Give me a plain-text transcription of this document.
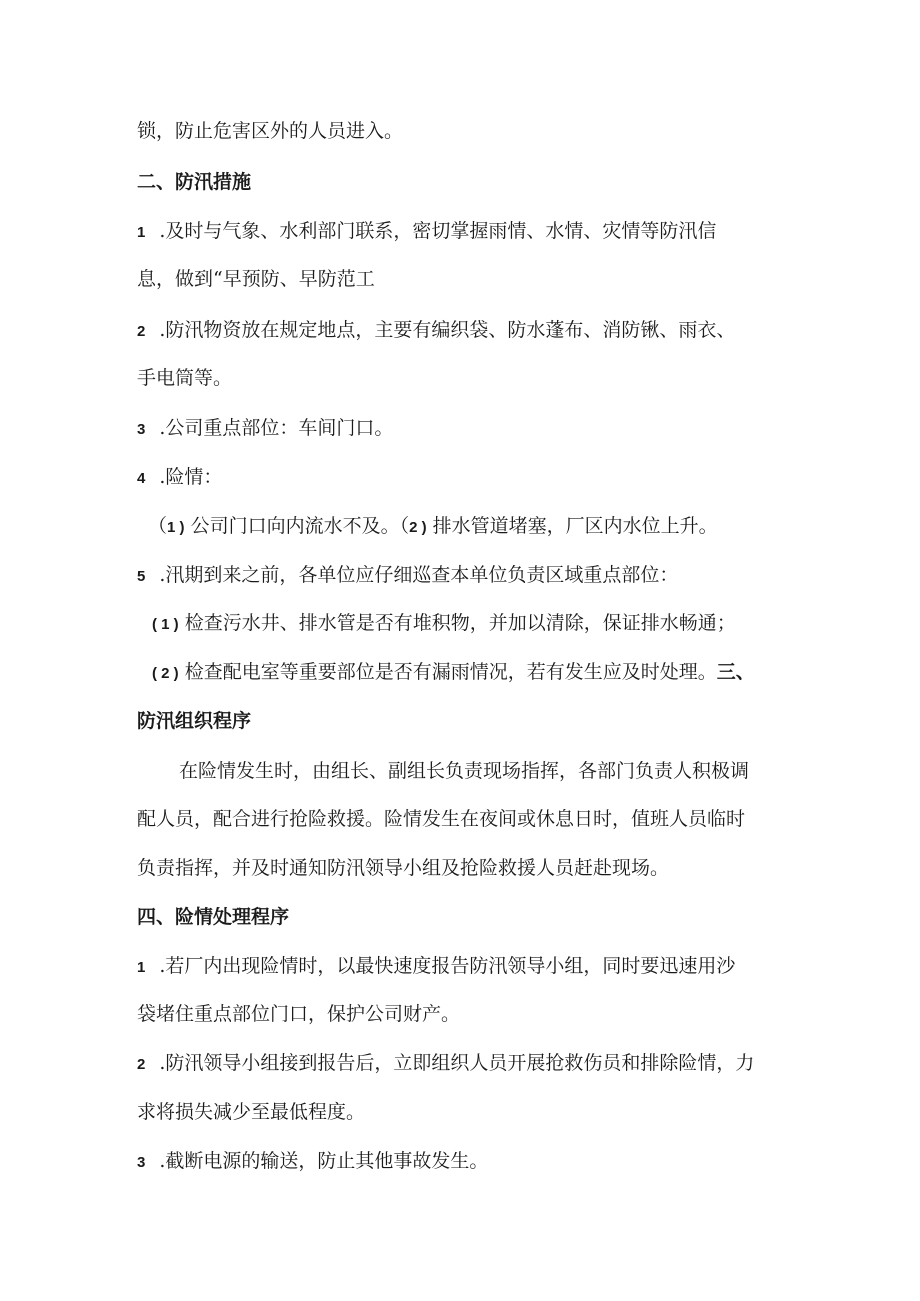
锁，防止危害区外的人员进入。
二、防汛措施
1 .及时与气象、水利部门联系，密切掌握雨情、水情、灾情等防汛信
息，做到“早预防、早防范工
2 .防汛物资放在规定地点，主要有编织袋、防水蓬布、消防锹、雨衣、
手电筒等。
3 .公司重点部位：车间门口。
4 .险情：
（1 ) 公司门口向内流水不及。（2 ) 排水管道堵塞，厂区内水位上升。
5 .汛期到来之前，各单位应仔细巡查本单位负责区域重点部位：
( 1 ) 检查污水井、排水管是否有堆积物，并加以清除，保证排水畅通；
( 2 ) 检查配电室等重要部位是否有漏雨情况，若有发生应及时处理。三、
防汛组织程序
在险情发生时，由组长、副组长负责现场指挥，各部门负责人积极调
配人员，配合进行抢险救援。险情发生在夜间或休息日时，值班人员临时
负责指挥，并及时通知防汛领导小组及抢险救援人员赶赴现场。
四、险情处理程序
1 .若厂内出现险情时，以最快速度报告防汛领导小组，同时要迅速用沙
袋堵住重点部位门口，保护公司财产。
2 .防汛领导小组接到报告后，立即组织人员开展抢救伤员和排除险情，力
求将损失减少至最低程度。
3 .截断电源的输送，防止其他事故发生。
